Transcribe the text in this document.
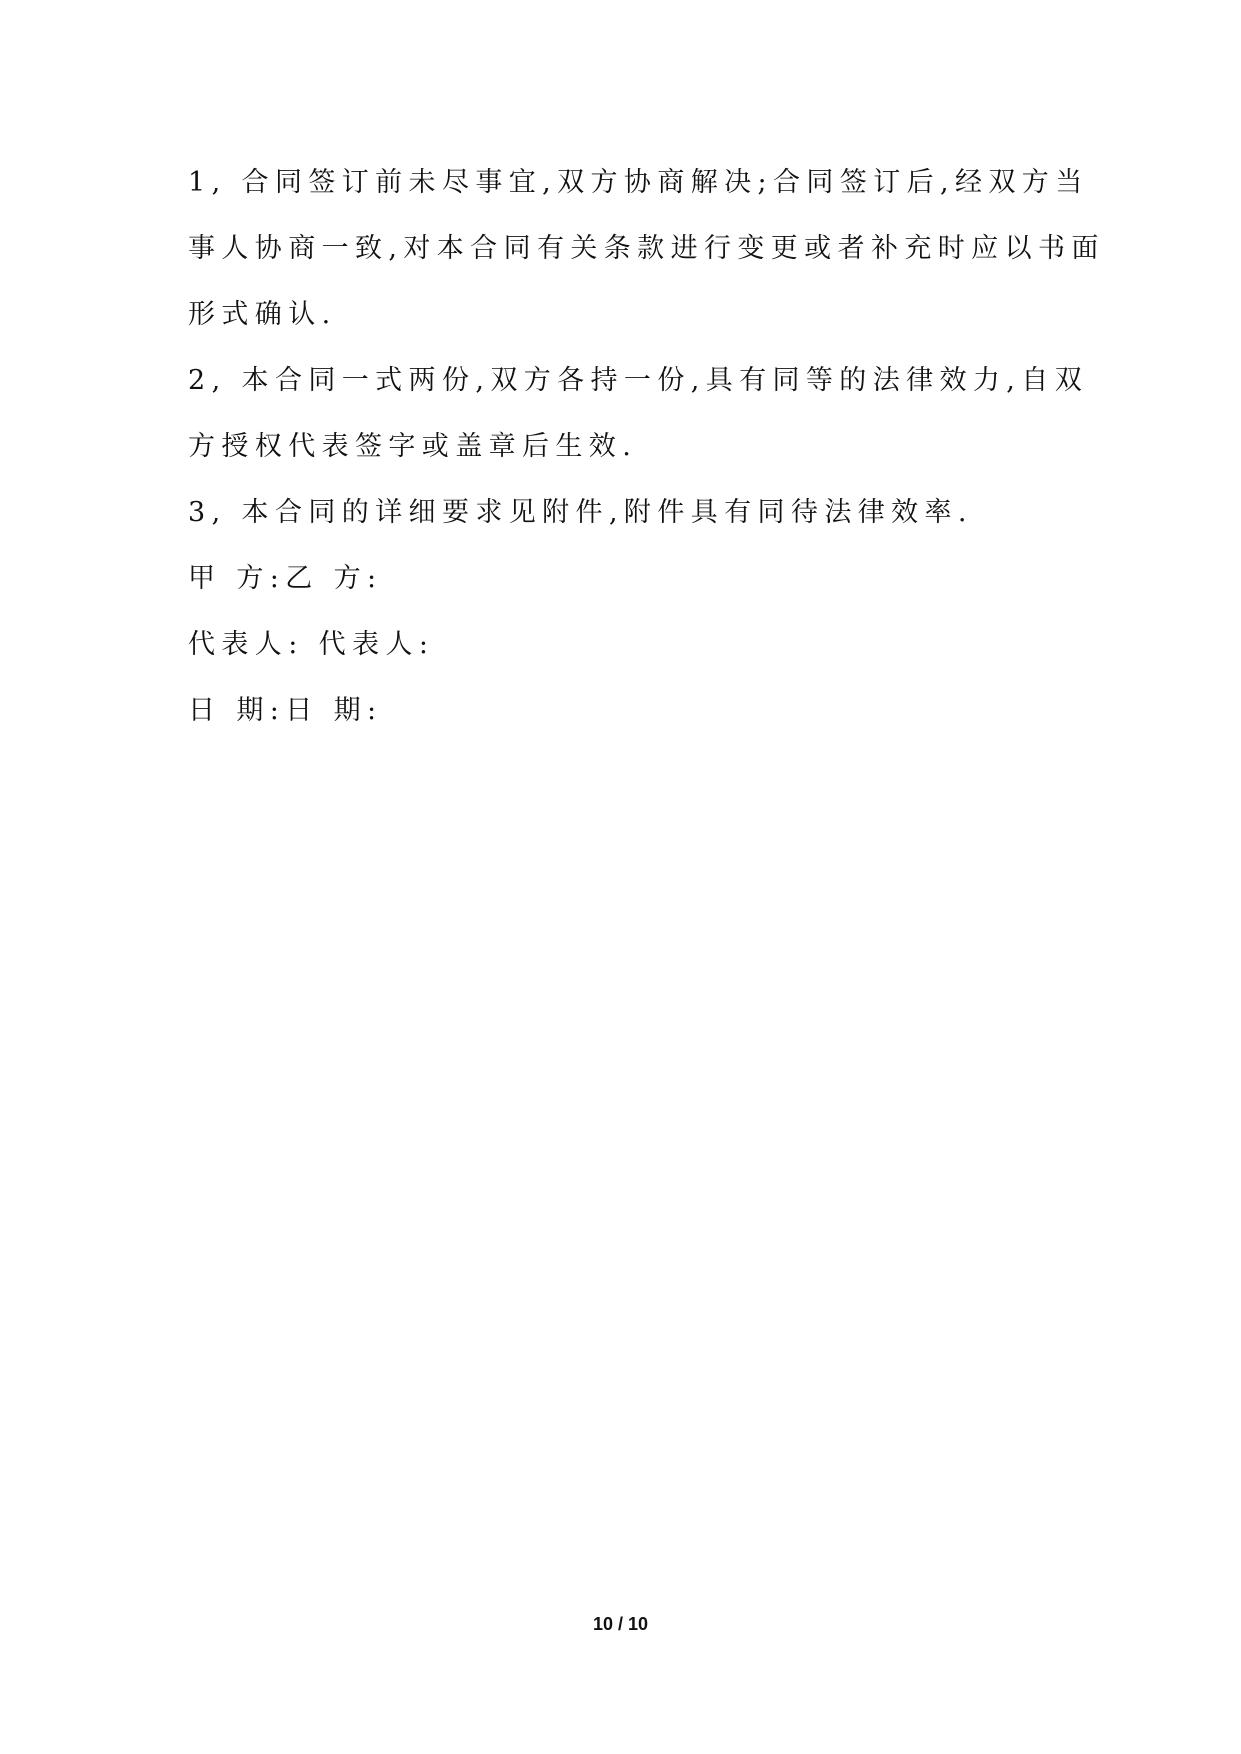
1, 合同签订前未尽事宜,双方协商解决;合同签订后,经双方当
事人协商一致,对本合同有关条款进行变更或者补充时应以书面
形式确认.
2, 本合同一式两份,双方各持一份,具有同等的法律效力,自双
方授权代表签字或盖章后生效.
3, 本合同的详细要求见附件,附件具有同待法律效率.
甲 方:乙 方:
代表人: 代表人:
日 期:日 期:
10 / 10
